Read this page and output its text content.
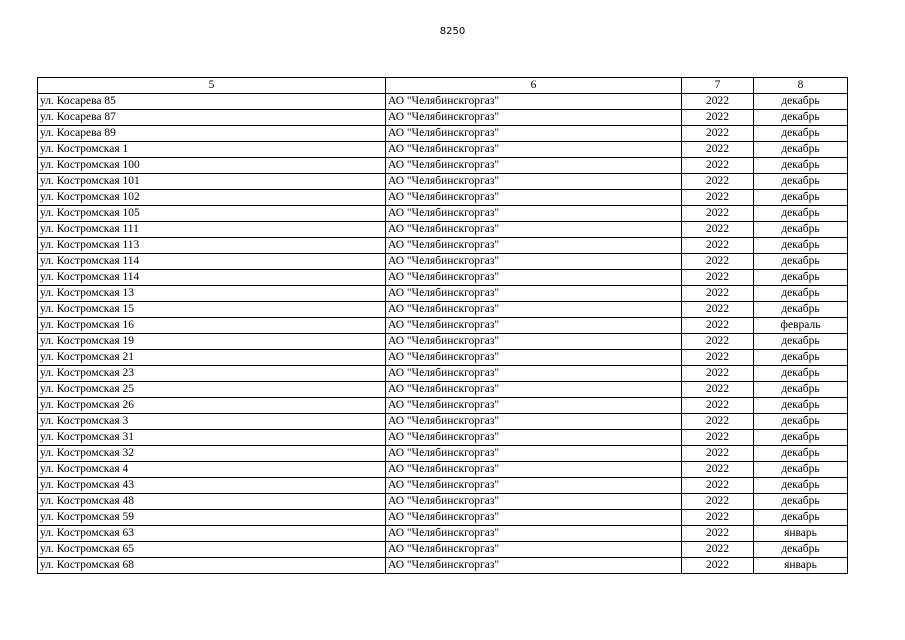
8250
5	6	7	8
ул. Косарева 85	АО "Челябинскгоргаз"	2022	декабрь
ул. Косарева 87	АО "Челябинскгоргаз"	2022	декабрь
ул. Косарева 89	АО "Челябинскгоргаз"	2022	декабрь
ул. Костромская 1	АО "Челябинскгоргаз"	2022	декабрь
ул. Костромская 100	АО "Челябинскгоргаз"	2022	декабрь
ул. Костромская 101	АО "Челябинскгоргаз"	2022	декабрь
ул. Костромская 102	АО "Челябинскгоргаз"	2022	декабрь
ул. Костромская 105	АО "Челябинскгоргаз"	2022	декабрь
ул. Костромская 111	АО "Челябинскгоргаз"	2022	декабрь
ул. Костромская 113	АО "Челябинскгоргаз"	2022	декабрь
ул. Костромская 114	АО "Челябинскгоргаз"	2022	декабрь
ул. Костромская 114	АО "Челябинскгоргаз"	2022	декабрь
ул. Костромская 13	АО "Челябинскгоргаз"	2022	декабрь
ул. Костромская 15	АО "Челябинскгоргаз"	2022	декабрь
ул. Костромская 16	АО "Челябинскгоргаз"	2022	февраль
ул. Костромская 19	АО "Челябинскгоргаз"	2022	декабрь
ул. Костромская 21	АО "Челябинскгоргаз"	2022	декабрь
ул. Костромская 23	АО "Челябинскгоргаз"	2022	декабрь
ул. Костромская 25	АО "Челябинскгоргаз"	2022	декабрь
ул. Костромская 26	АО "Челябинскгоргаз"	2022	декабрь
ул. Костромская 3	АО "Челябинскгоргаз"	2022	декабрь
ул. Костромская 31	АО "Челябинскгоргаз"	2022	декабрь
ул. Костромская 32	АО "Челябинскгоргаз"	2022	декабрь
ул. Костромская 4	АО "Челябинскгоргаз"	2022	декабрь
ул. Костромская 43	АО "Челябинскгоргаз"	2022	декабрь
ул. Костромская 48	АО "Челябинскгоргаз"	2022	декабрь
ул. Костромская 59	АО "Челябинскгоргаз"	2022	декабрь
ул. Костромская 63	АО "Челябинскгоргаз"	2022	январь
ул. Костромская 65	АО "Челябинскгоргаз"	2022	декабрь
ул. Костромская 68	АО "Челябинскгоргаз"	2022	январь
